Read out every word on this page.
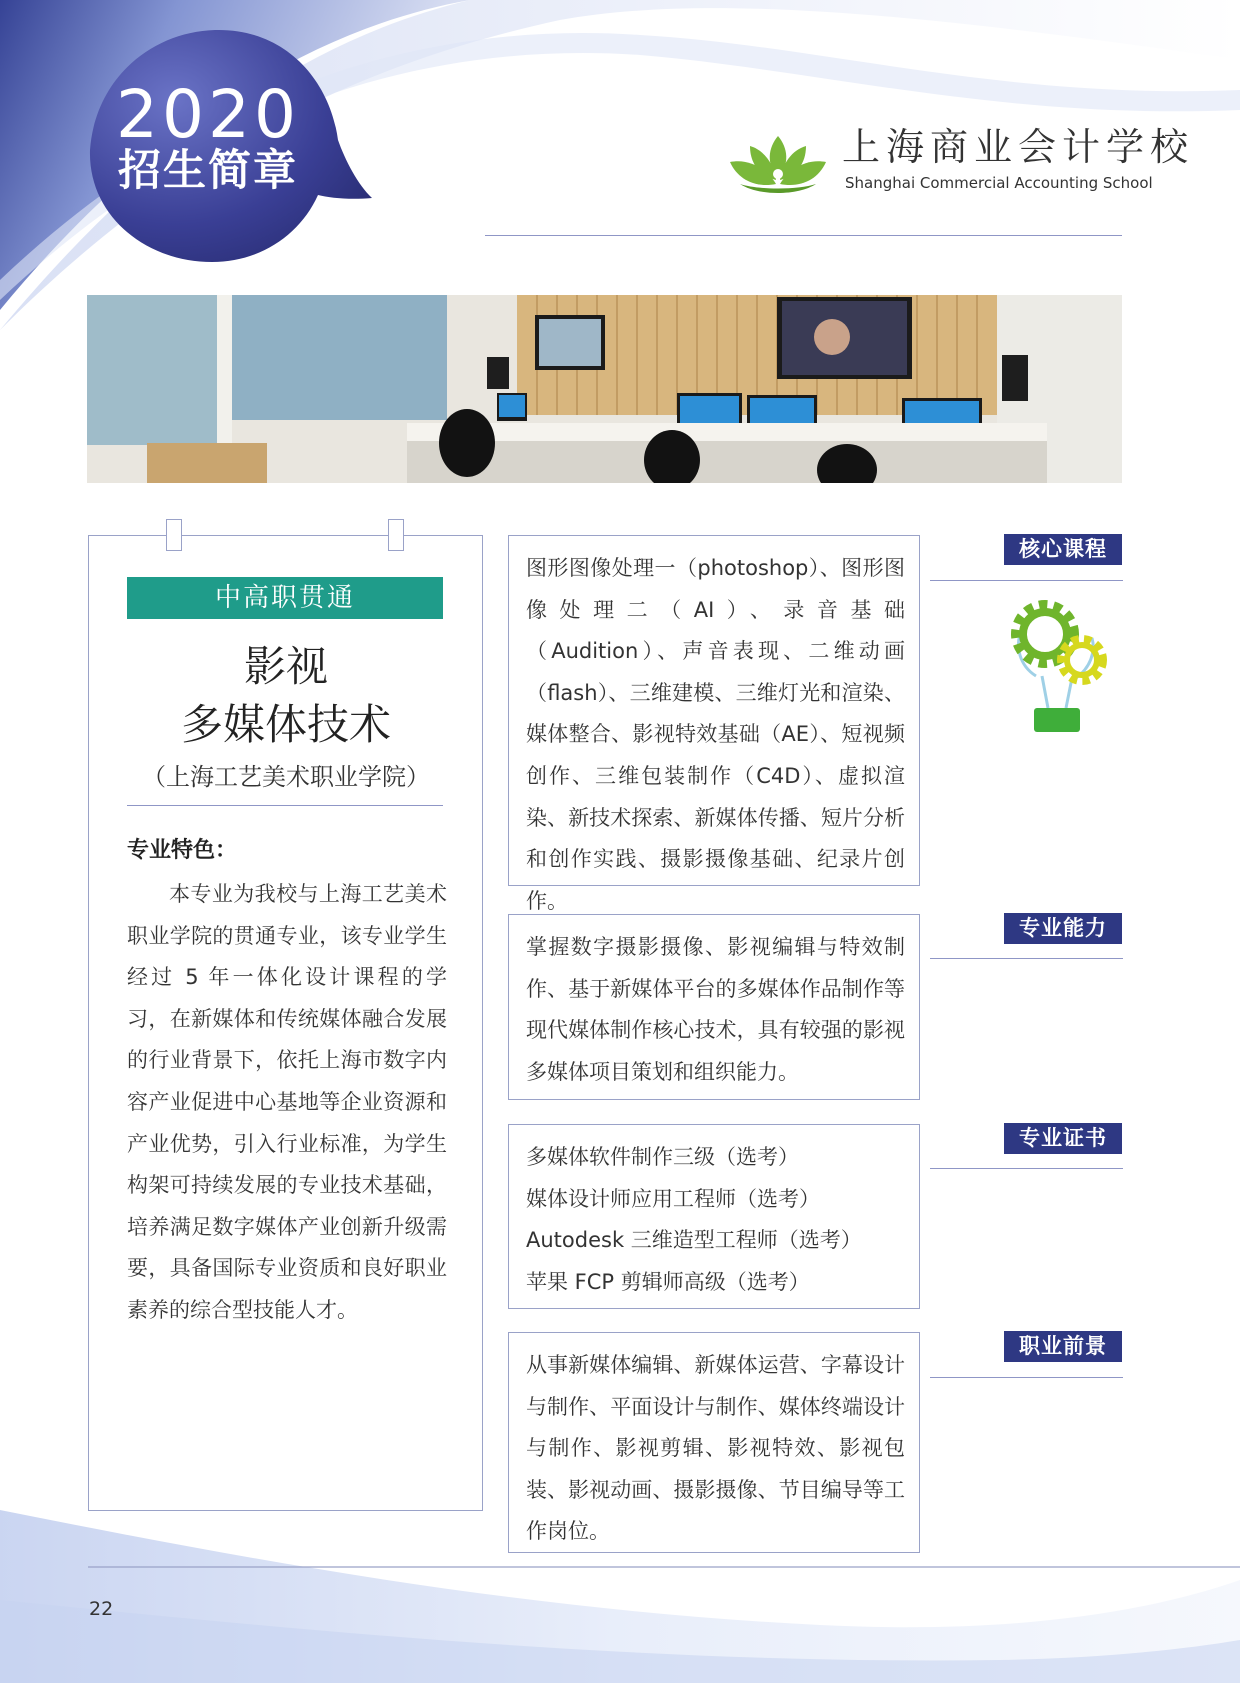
2020
招生简章	上海商业会计学校
Shanghai Commercial Accounting School
中高职贯通
影视
多媒体技术
（上海工艺美术职业学院）
专业特色：
本专业为我校与上海工艺美术职业学院的贯通专业，该专业学生经过 5 年一体化设计课程的学习，在新媒体和传统媒体融合发展的行业背景下，依托上海市数字内容产业促进中心基地等企业资源和产业优势，引入行业标准，为学生构架可持续发展的专业技术基础，培养满足数字媒体产业创新升级需要，具备国际专业资质和良好职业素养的综合型技能人才。
图形图像处理一（photoshop）、图形图像处理二（AI）、录音基础（Audition）、声音表现、二维动画（flash）、三维建模、三维灯光和渲染、媒体整合、影视特效基础（AE）、短视频创作、三维包装制作（C4D）、虚拟渲染、新技术探索、新媒体传播、短片分析和创作实践、摄影摄像基础、纪录片创作。
核心课程
掌握数字摄影摄像、影视编辑与特效制作、基于新媒体平台的多媒体作品制作等现代媒体制作核心技术，具有较强的影视多媒体项目策划和组织能力。
专业能力
多媒体软件制作三级（选考）
媒体设计师应用工程师（选考）
Autodesk 三维造型工程师（选考）
苹果 FCP 剪辑师高级（选考）
专业证书
从事新媒体编辑、新媒体运营、字幕设计与制作、平面设计与制作、媒体终端设计与制作、影视剪辑、影视特效、影视包装、影视动画、摄影摄像、节目编导等工作岗位。
职业前景
22
